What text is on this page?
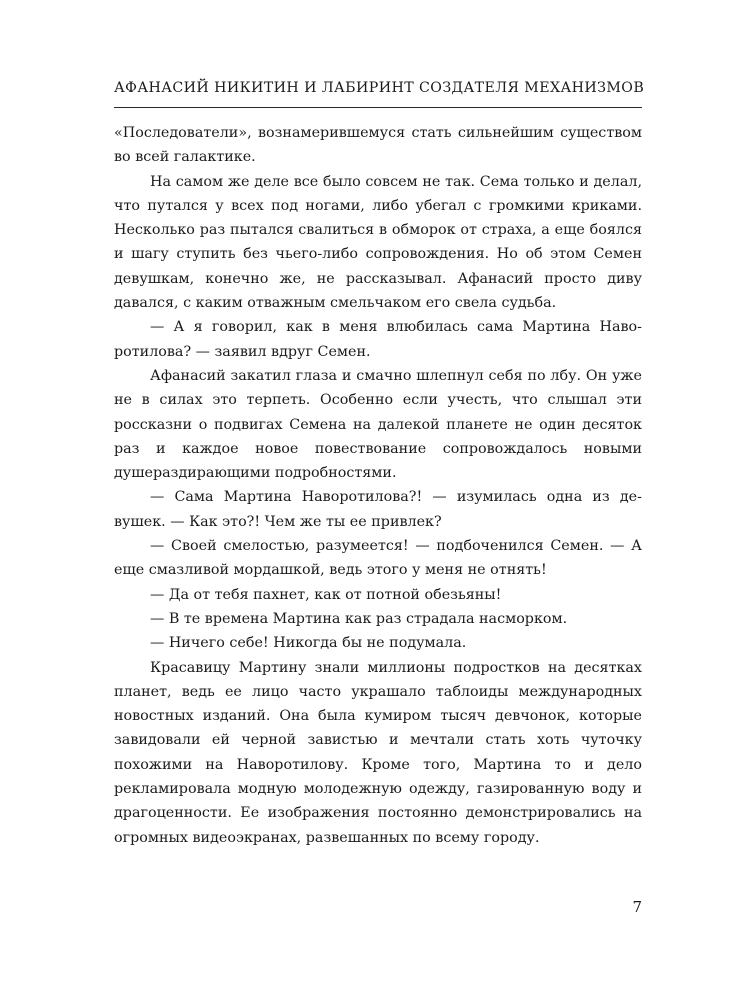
АФАНАСИЙ НИКИТИН И ЛАБИРИНТ СОЗДАТЕЛЯ МЕХАНИЗМОВ

«Последователи», вознамерившемуся стать сильнейшим существом во всей галактике.

На самом же деле все было совсем не так. Сема только и делал, что путался у всех под ногами, либо убегал с громкими криками. Несколько раз пытался свалиться в обморок от страха, а еще боялся и шагу ступить без чьего-либо сопровождения. Но об этом Семен девушкам, конечно же, не рассказывал. Афанасий просто диву давался, с каким отважным смельчаком его свела судьба.

— А я говорил, как в меня влюбилась сама Мартина Наворотилова? — заявил вдруг Семен.

Афанасий закатил глаза и смачно шлепнул себя по лбу. Он уже не в силах это терпеть. Особенно если учесть, что слышал эти россказни о подвигах Семена на далекой планете не один десяток раз и каждое новое повествование сопровождалось новыми душераздирающими подробностями.

— Сама Мартина Наворотилова?! — изумилась одна из девушек. — Как это?! Чем же ты ее привлек?

— Своей смелостью, разумеется! — подбоченился Семен. — А еще смазливой мордашкой, ведь этого у меня не отнять!

— Да от тебя пахнет, как от потной обезьяны!

— В те времена Мартина как раз страдала насморком.

— Ничего себе! Никогда бы не подумала.

Красавицу Мартину знали миллионы подростков на десятках планет, ведь ее лицо часто украшало таблоиды международных новостных изданий. Она была кумиром тысяч девчонок, которые завидовали ей черной завистью и мечтали стать хоть чуточку похожими на Наворотилову. Кроме того, Мартина то и дело рекламировала модную молодежную одежду, газированную воду и драгоценности. Ее изображения постоянно демонстрировались на огромных видеоэкранах, развешанных по всему городу.

7
